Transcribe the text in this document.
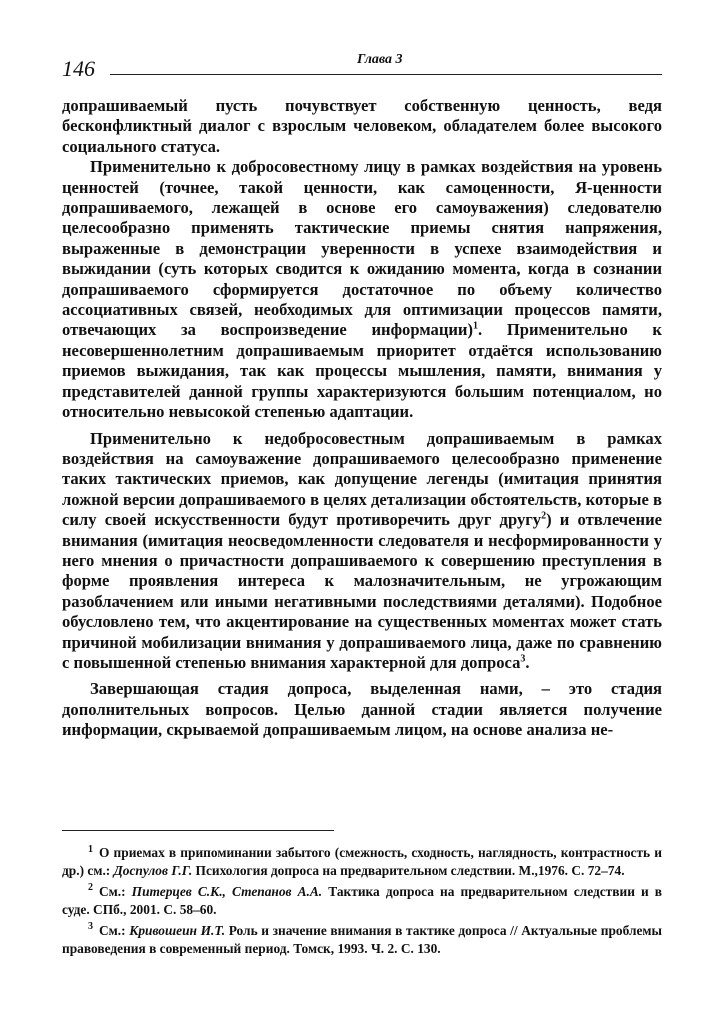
146	Глава 3

допрашиваемый пусть почувствует собственную ценность, ведя бесконфликтный диалог с взрослым человеком, обладателем более высокого социального статуса.

Применительно к добросовестному лицу в рамках воздействия на уровень ценностей (точнее, такой ценности, как самоценности, Я-ценности допрашиваемого, лежащей в основе его самоуважения) следователю целесообразно применять тактические приемы снятия напряжения, выраженные в демонстрации уверенности в успехе взаимодействия и выжидании (суть которых сводится к ожиданию момента, когда в сознании допрашиваемого сформируется достаточное по объему количество ассоциативных связей, необходимых для оптимизации процессов памяти, отвечающих за воспроизведение информации)$^1$. Применительно к несовершеннолетним допрашиваемым приоритет отдаётся использованию приемов выжидания, так как процессы мышления, памяти, внимания у представителей данной группы характеризуются большим потенциалом, но относительно невысокой степенью адаптации.

Применительно к недобросовестным допрашиваемым в рамках воздействия на самоуважение допрашиваемого целесообразно применение таких тактических приемов, как допущение легенды (имитация принятия ложной версии допрашиваемого в целях детализации обстоятельств, которые в силу своей искусственности будут противоречить друг другу$^2$) и отвлечение внимания (имитация неосведомленности следователя и несформированности у него мнения о причастности допрашиваемого к совершению преступления в форме проявления интереса к малозначительным, не угрожающим разоблачением или иными негативными последствиями деталями). Подобное обусловлено тем, что акцентирование на существенных моментах может стать причиной мобилизации внимания у допрашиваемого лица, даже по сравнению с повышенной степенью внимания характерной для допроса$^3$.

Завершающая стадия допроса, выделенная нами, – это стадия дополнительных вопросов. Целью данной стадии является получение информации, скрываемой допрашиваемым лицом, на основе анализа не-

$^1$ О приемах в припоминании забытого (смежность, сходность, наглядность, контрастность и др.) см.: Доспулов Г.Г. Психология допроса на предварительном следствии. М.,1976. С. 72–74.

$^2$ См.: Питерцев С.К., Степанов А.А. Тактика допроса на предварительном следствии и в суде. СПб., 2001. С. 58–60.

$^3$ См.: Кривошеин И.Т. Роль и значение внимания в тактике допроса // Актуальные проблемы правоведения в современный период. Томск, 1993. Ч. 2. С. 130.
